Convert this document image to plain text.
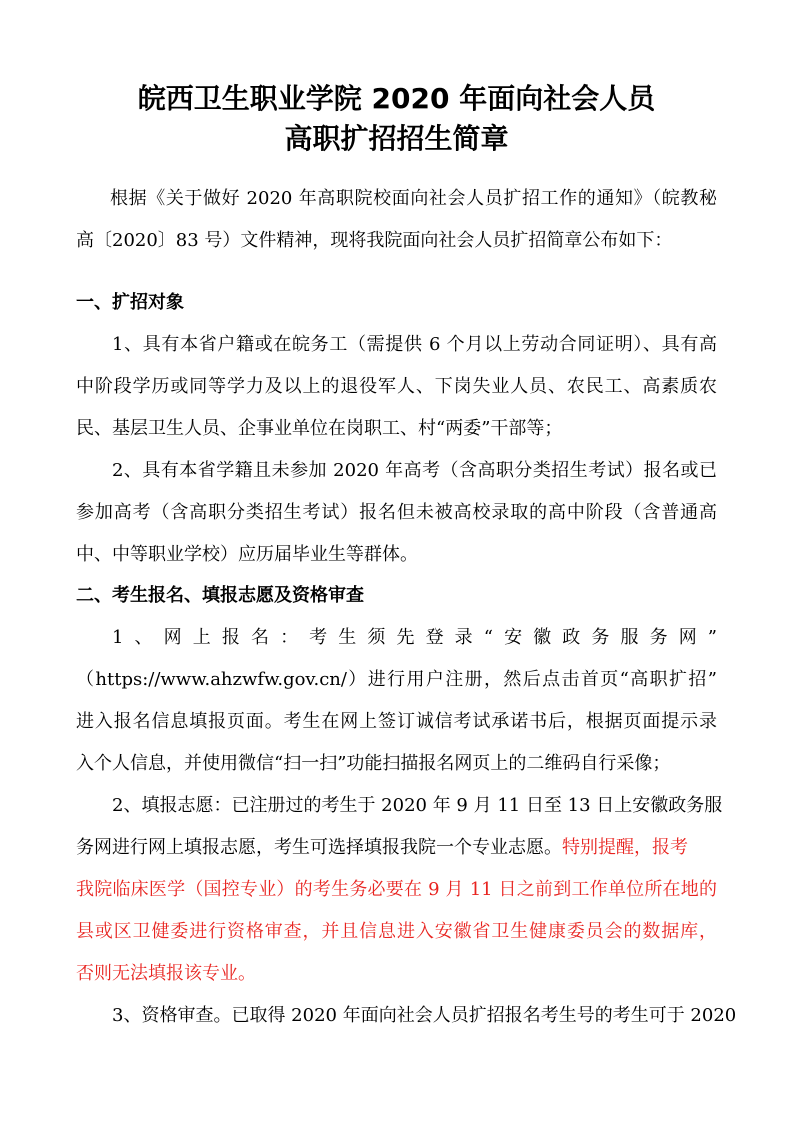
皖西卫生职业学院 2020 年面向社会人员
高职扩招招生简章
根据《关于做好 2020 年高职院校面向社会人员扩招工作的通知》（皖教秘
高〔2020〕83 号）文件精神，现将我院面向社会人员扩招简章公布如下：
一、扩招对象
1、具有本省户籍或在皖务工（需提供 6 个月以上劳动合同证明）、具有高
中阶段学历或同等学力及以上的退役军人、下岗失业人员、农民工、高素质农
民、基层卫生人员、企事业单位在岗职工、村“两委”干部等；
2、具有本省学籍且未参加 2020 年高考（含高职分类招生考试）报名或已
参加高考（含高职分类招生考试）报名但未被高校录取的高中阶段（含普通高
中、中等职业学校）应历届毕业生等群体。
二、考生报名、填报志愿及资格审查
1、网上报名：考生须先登录“安徽政务服务网”
（https://www.ahzwfw.gov.cn/）进行用户注册，然后点击首页“高职扩招”
进入报名信息填报页面。考生在网上签订诚信考试承诺书后，根据页面提示录
入个人信息，并使用微信“扫一扫”功能扫描报名网页上的二维码自行采像；
2、填报志愿：已注册过的考生于 2020 年 9 月 11 日至 13 日上安徽政务服
务网进行网上填报志愿，考生可选择填报我院一个专业志愿。特别提醒，报考
我院临床医学（国控专业）的考生务必要在 9 月 11 日之前到工作单位所在地的
县或区卫健委进行资格审查，并且信息进入安徽省卫生健康委员会的数据库，
否则无法填报该专业。
3、资格审查。已取得 2020 年面向社会人员扩招报名考生号的考生可于 2020
